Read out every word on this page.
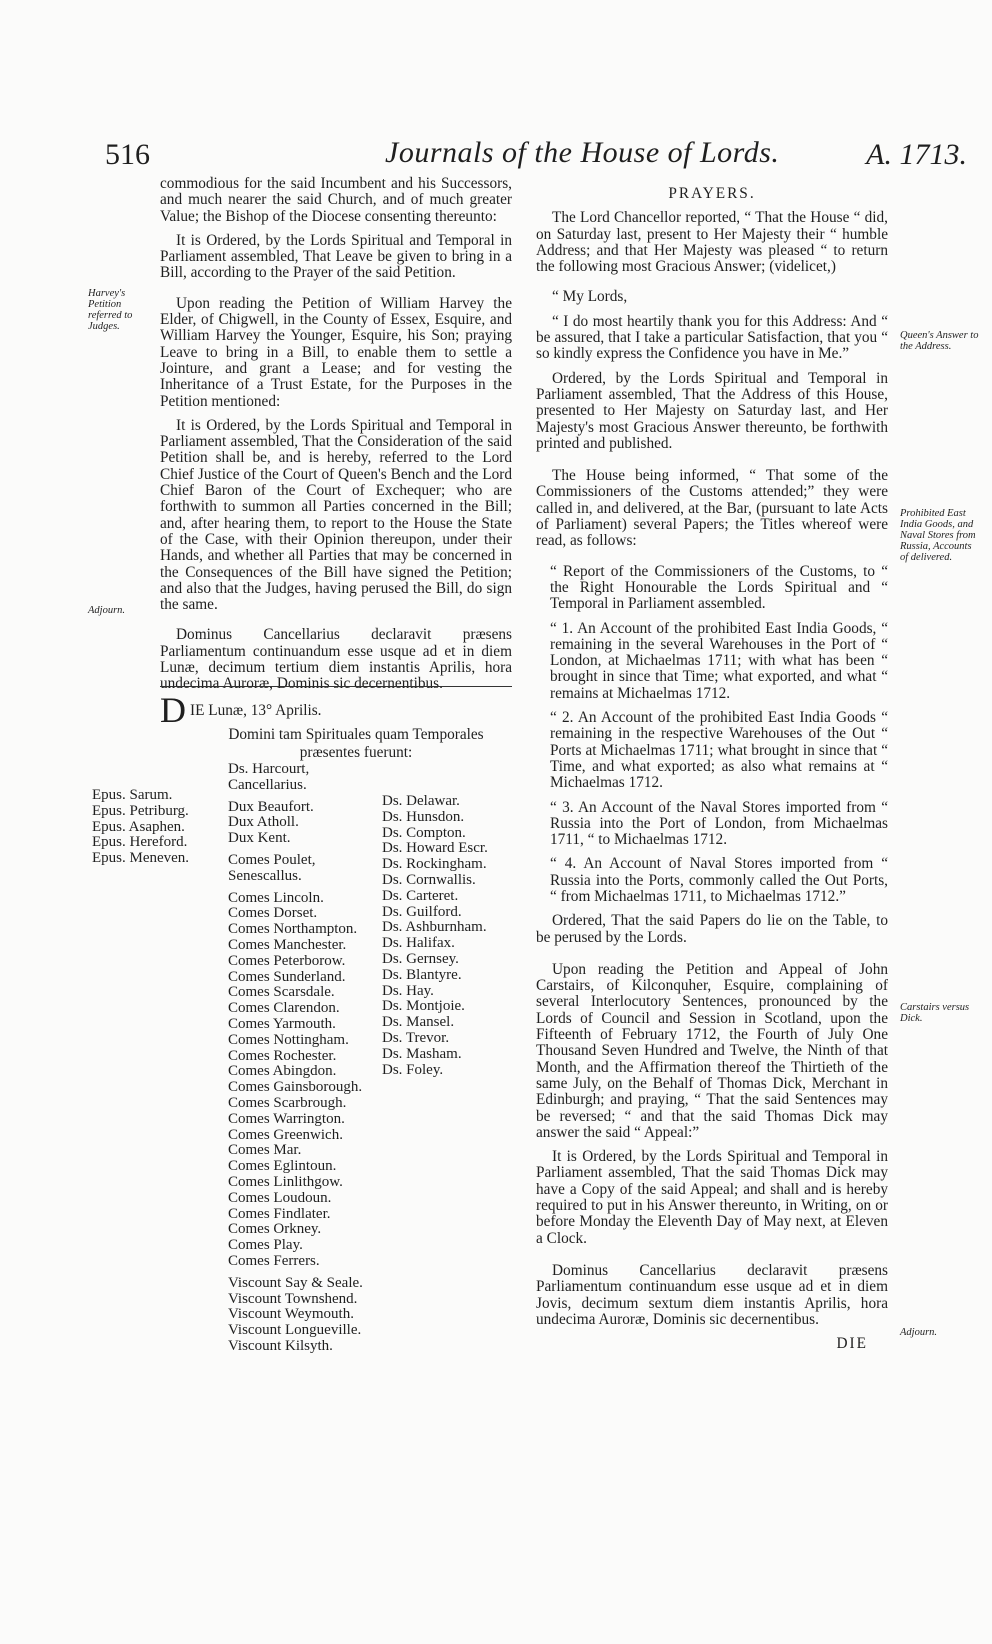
516	Journals of the House of Lords.	A. 1713.
Harvey's Petition referred to Judges.
Adjourn.
Queen's Answer to the Address.
Prohibited East India Goods, and Naval Stores from Russia, Accounts of delivered.
Carstairs versus Dick.
Adjourn.

commodious for the said Incumbent and his Successors, and much nearer the said Church, and of much greater Value; the Bishop of the Diocese consenting thereunto:

It is Ordered, by the Lords Spiritual and Temporal in Parliament assembled, That Leave be given to bring in a Bill, according to the Prayer of the said Petition.

Upon reading the Petition of William Harvey the Elder, of Chigwell, in the County of Essex, Esquire, and William Harvey the Younger, Esquire, his Son; praying Leave to bring in a Bill, to enable them to settle a Jointure, and grant a Lease; and for vesting the Inheritance of a Trust Estate, for the Purposes in the Petition mentioned:

It is Ordered, by the Lords Spiritual and Temporal in Parliament assembled, That the Consideration of the said Petition shall be, and is hereby, referred to the Lord Chief Justice of the Court of Queen's Bench and the Lord Chief Baron of the Court of Exchequer; who are forthwith to summon all Parties concerned in the Bill; and, after hearing them, to report to the House the State of the Case, with their Opinion thereupon, under their Hands, and whether all Parties that may be concerned in the Consequences of the Bill have signed the Petition; and also that the Judges, having perused the Bill, do sign the same.

Dominus Cancellarius declaravit præsens Parliamentum continuandum esse usque ad et in diem Lunæ, decimum tertium diem instantis Aprilis, hora undecima Auroræ, Dominis sic decernentibus.

D IE Lunæ, 13° Aprilis.
Domini tam Spirituales quam Temporales præsentes fuerunt:
Epus. Sarum.
Epus. Petriburg.
Epus. Asaphen.
Epus. Hereford.
Epus. Meneven.
Ds. Harcourt, Cancellarius.
Dux Beaufort.
Dux Atholl.
Dux Kent.
Comes Poulet, Senescallus.
Comes Lincoln.
Comes Dorset.
Comes Northampton.
Comes Manchester.
Comes Peterborow.
Comes Sunderland.
Comes Scarsdale.
Comes Clarendon.
Comes Yarmouth.
Comes Nottingham.
Comes Rochester.
Comes Abingdon.
Comes Gainsborough.
Comes Scarbrough.
Comes Warrington.
Comes Greenwich.
Comes Mar.
Comes Eglintoun.
Comes Linlithgow.
Comes Loudoun.
Comes Findlater.
Comes Orkney.
Comes Play.
Comes Ferrers.
Viscount Say & Seale.
Viscount Townshend.
Viscount Weymouth.
Viscount Longueville.
Viscount Kilsyth.
Ds. Delawar.
Ds. Hunsdon.
Ds. Compton.
Ds. Howard Escr.
Ds. Rockingham.
Ds. Cornwallis.
Ds. Carteret.
Ds. Guilford.
Ds. Ashburnham.
Ds. Halifax.
Ds. Gernsey.
Ds. Blantyre.
Ds. Hay.
Ds. Montjoie.
Ds. Mansel.
Ds. Trevor.
Ds. Masham.
Ds. Foley.

PRAYERS.

The Lord Chancellor reported, “ That the House “ did, on Saturday last, present to Her Majesty their “ humble Address; and that Her Majesty was pleased “ to return the following most Gracious Answer; (videlicet,)

“ My Lords,

“ I do most heartily thank you for this Address: And “ be assured, that I take a particular Satisfaction, that you “ so kindly express the Confidence you have in Me.”

Ordered, by the Lords Spiritual and Temporal in Parliament assembled, That the Address of this House, presented to Her Majesty on Saturday last, and Her Majesty's most Gracious Answer thereunto, be forthwith printed and published.

The House being informed, “ That some of the Commissioners of the Customs attended;” they were called in, and delivered, at the Bar, (pursuant to late Acts of Parliament) several Papers; the Titles whereof were read, as follows:

“ Report of the Commissioners of the Customs, to “ the Right Honourable the Lords Spiritual and “ Temporal in Parliament assembled.

“ 1. An Account of the prohibited East India Goods, “ remaining in the several Warehouses in the Port of “ London, at Michaelmas 1711; with what has been “ brought in since that Time; what exported, and what “ remains at Michaelmas 1712.

“ 2. An Account of the prohibited East India Goods “ remaining in the respective Warehouses of the Out “ Ports at Michaelmas 1711; what brought in since that “ Time, and what exported; as also what remains at “ Michaelmas 1712.

“ 3. An Account of the Naval Stores imported from “ Russia into the Port of London, from Michaelmas 1711, “ to Michaelmas 1712.

“ 4. An Account of Naval Stores imported from “ Russia into the Ports, commonly called the Out Ports, “ from Michaelmas 1711, to Michaelmas 1712.”

Ordered, That the said Papers do lie on the Table, to be perused by the Lords.

Upon reading the Petition and Appeal of John Carstairs, of Kilconquher, Esquire, complaining of several Interlocutory Sentences, pronounced by the Lords of Council and Session in Scotland, upon the Fifteenth of February 1712, the Fourth of July One Thousand Seven Hundred and Twelve, the Ninth of that Month, and the Affirmation thereof the Thirtieth of the same July, on the Behalf of Thomas Dick, Merchant in Edinburgh; and praying, “ That the said Sentences may be reversed; “ and that the said Thomas Dick may answer the said “ Appeal:”

It is Ordered, by the Lords Spiritual and Temporal in Parliament assembled, That the said Thomas Dick may have a Copy of the said Appeal; and shall and is hereby required to put in his Answer thereunto, in Writing, on or before Monday the Eleventh Day of May next, at Eleven a Clock.

Dominus Cancellarius declaravit præsens Parliamentum continuandum esse usque ad et in diem Jovis, decimum sextum diem instantis Aprilis, hora undecima Auroræ, Dominis sic decernentibus.

DIE
